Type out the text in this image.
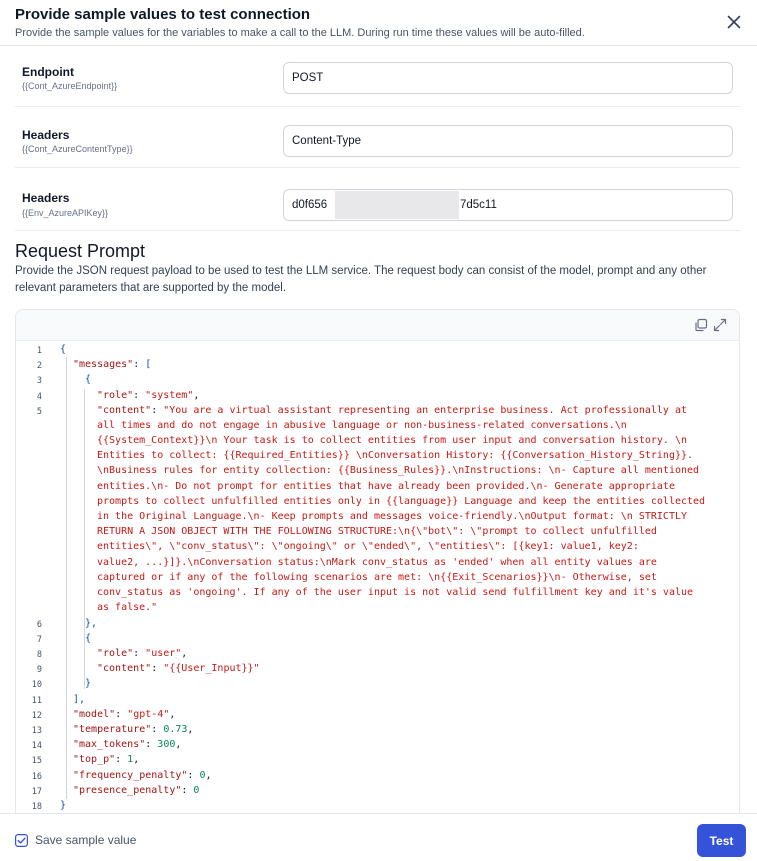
Provide sample values to test connection
Provide the sample values for the variables to make a call to the LLM. During run time these values will be auto-filled.
Endpoint
{{Cont_AzureEndpoint}}
POST
Headers
{{Cont_AzureContentType}}
Content-Type
Headers
{{Env_AzureAPIKey}}
d0f656	7d5c11
Request Prompt
Provide the JSON request payload to be used to test the LLM service. The request body can consist of the model, prompt and any other relevant parameters that are supported by the model.
1
2
3
4
5
6
7
8
9
10
11
12
13
14
15
16
17
18
{
"messages": [
{
"role": "system",
"content": "You are a virtual assistant representing an enterprise business. Act professionally at
all times and do not engage in abusive language or non-business-related conversations.\n
{{System_Context}}\n Your task is to collect entities from user input and conversation history. \n
Entities to collect: {{Required_Entities}} \nConversation History: {{Conversation_History_String}}.
\nBusiness rules for entity collection: {{Business_Rules}}.\nInstructions: \n- Capture all mentioned
entities.\n- Do not prompt for entities that have already been provided.\n- Generate appropriate
prompts to collect unfulfilled entities only in {{language}} Language and keep the entities collected
in the Original Language.\n- Keep prompts and messages voice-friendly.\nOutput format: \n STRICTLY
RETURN A JSON OBJECT WITH THE FOLLOWING STRUCTURE:\n{\"bot\": \"prompt to collect unfulfilled
entities\", \"conv_status\": \"ongoing\" or \"ended\", \"entities\": [{key1: value1, key2:
value2, ...}]}.\nConversation status:\nMark conv_status as 'ended' when all entity values are
captured or if any of the following scenarios are met: \n{{Exit_Scenarios}}\n- Otherwise, set
conv_status as 'ongoing'. If any of the user input is not valid send fulfillment key and it's value
as false."
},
{
"role": "user",
"content": "{{User_Input}}"
}
],
"model": "gpt-4",
"temperature": 0.73,
"max_tokens": 300,
"top_p": 1,
"frequency_penalty": 0,
"presence_penalty": 0
}
Save sample value	Test
